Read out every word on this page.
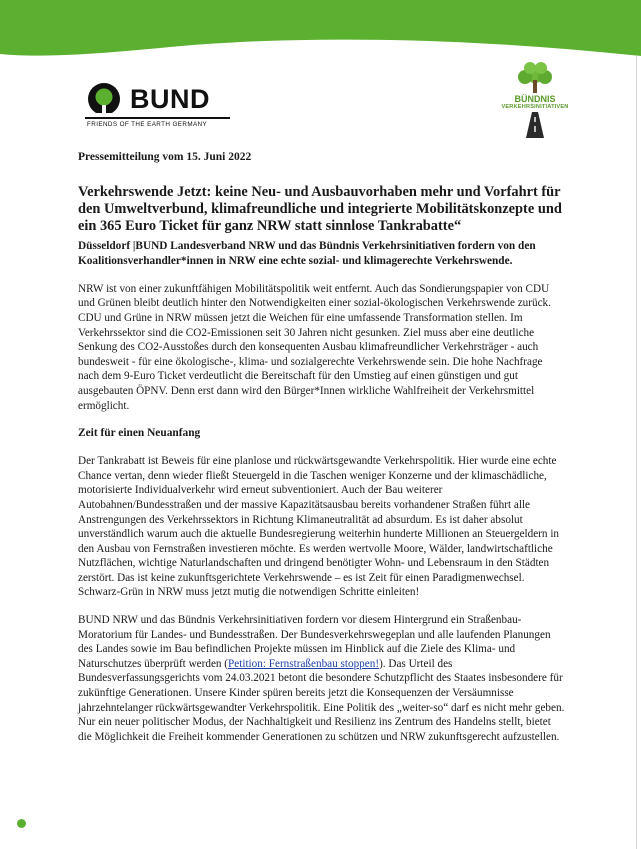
BUND
FRIENDS OF THE EARTH GERMANY
BÜNDNIS
VERKEHRSINITIATIVEN

Pressemitteilung vom 15. Juni 2022

Verkehrswende Jetzt: keine Neu- und Ausbauvorhaben mehr und Vorfahrt für den Umweltverbund, klimafreundliche und integrierte Mobilitätskonzepte und ein 365 Euro Ticket für ganz NRW statt sinnlose Tankrabatte“

Düsseldorf |BUND Landesverband NRW und das Bündnis Verkehrsinitiativen fordern von den Koalitionsverhandler*innen in NRW eine echte sozial- und klimagerechte Verkehrswende.

NRW ist von einer zukunftfähigen Mobilitätspolitik weit entfernt. Auch das Sondierungspapier von CDU und Grünen bleibt deutlich hinter den Notwendigkeiten einer sozial-ökologischen Verkehrswende zurück. CDU und Grüne in NRW müssen jetzt die Weichen für eine umfassende Transformation stellen. Im Verkehrssektor sind die CO2-Emissionen seit 30 Jahren nicht gesunken. Ziel muss aber eine deutliche Senkung des CO2-Ausstoßes durch den konsequenten Ausbau klimafreundlicher Verkehrsträger - auch bundesweit - für eine ökologische-, klima- und sozialgerechte Verkehrswende sein. Die hohe Nachfrage nach dem 9-Euro Ticket verdeutlicht die Bereitschaft für den Umstieg auf einen günstigen und gut ausgebauten ÖPNV. Denn erst dann wird den Bürger*Innen wirkliche Wahlfreiheit der Verkehrsmittel ermöglicht.

Zeit für einen Neuanfang

Der Tankrabatt ist Beweis für eine planlose und rückwärtsgewandte Verkehrspolitik. Hier wurde eine echte Chance vertan, denn wieder fließt Steuergeld in die Taschen weniger Konzerne und der klimaschädliche, motorisierte Individualverkehr wird erneut subventioniert. Auch der Bau weiterer Autobahnen/Bundesstraßen und der massive Kapazitätsausbau bereits vorhandener Straßen führt alle Anstrengungen des Verkehrssektors in Richtung Klimaneutralität ad absurdum. Es ist daher absolut unverständlich warum auch die aktuelle Bundesregierung weiterhin hunderte Millionen an Steuergeldern in den Ausbau von Fernstraßen investieren möchte. Es werden wertvolle Moore, Wälder, landwirtschaftliche Nutzflächen, wichtige Naturlandschaften und dringend benötigter Wohn- und Lebensraum in den Städten zerstört. Das ist keine zukunftsgerichtete Verkehrswende – es ist Zeit für einen Paradigmenwechsel. Schwarz-Grün in NRW muss jetzt mutig die notwendigen Schritte einleiten!

BUND NRW und das Bündnis Verkehrsinitiativen fordern vor diesem Hintergrund ein Straßenbau-Moratorium für Landes- und Bundesstraßen. Der Bundesverkehrswegeplan und alle laufenden Planungen des Landes sowie im Bau befindlichen Projekte müssen im Hinblick auf die Ziele des Klima- und Naturschutzes überprüft werden (Petition: Fernstraßenbau stoppen!). Das Urteil des Bundesverfassungsgerichts vom 24.03.2021 betont die besondere Schutzpflicht des Staates insbesondere für zukünftige Generationen. Unsere Kinder spüren bereits jetzt die Konsequenzen der Versäumnisse jahrzehntelanger rückwärtsgewandter Verkehrspolitik. Eine Politik des „weiter-so“ darf es nicht mehr geben. Nur ein neuer politischer Modus, der Nachhaltigkeit und Resilienz ins Zentrum des Handelns stellt, bietet die Möglichkeit die Freiheit kommender Generationen zu schützen und NRW zukunftsgerecht aufzustellen.
